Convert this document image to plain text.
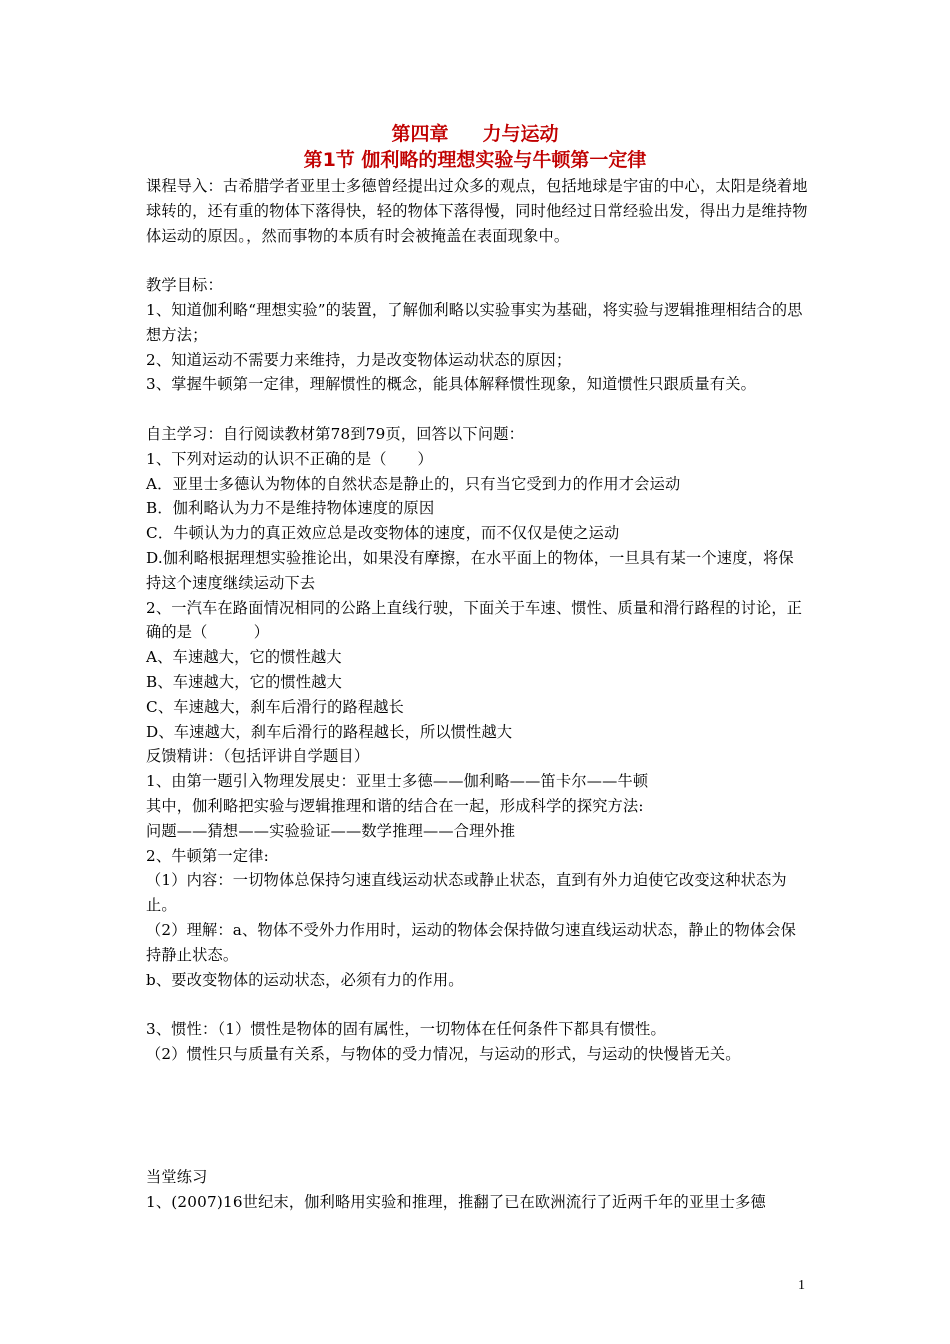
第四章 力与运动
第1节 伽利略的理想实验与牛顿第一定律

课程导入：古希腊学者亚里士多德曾经提出过众多的观点，包括地球是宇宙的中心，太阳是绕着地球转的，还有重的物体下落得快，轻的物体下落得慢，同时他经过日常经验出发，得出力是维持物体运动的原因。，然而事物的本质有时会被掩盖在表面现象中。

教学目标：

1、知道伽利略“理想实验”的装置，了解伽利略以实验事实为基础，将实验与逻辑推理相结合的思想方法；

2、知道运动不需要力来维持，力是改变物体运动状态的原因；

3、掌握牛顿第一定律，理解惯性的概念，能具体解释惯性现象，知道惯性只跟质量有关。

自主学习：自行阅读教材第78到79页，回答以下问题：

1、下列对运动的认识不正确的是（　　）

A．亚里士多德认为物体的自然状态是静止的，只有当它受到力的作用才会运动

B．伽利略认为力不是维持物体速度的原因

C．牛顿认为力的真正效应总是改变物体的速度，而不仅仅是使之运动

D.伽利略根据理想实验推论出，如果没有摩擦，在水平面上的物体，一旦具有某一个速度，将保持这个速度继续运动下去

2、一汽车在路面情况相同的公路上直线行驶，下面关于车速、惯性、质量和滑行路程的讨论，正确的是（　　　）

A、车速越大，它的惯性越大

B、车速越大，它的惯性越大

C、车速越大，刹车后滑行的路程越长

D、车速越大，刹车后滑行的路程越长，所以惯性越大

反馈精讲：（包括评讲自学题目）

1、由第一题引入物理发展史：亚里士多德——伽利略——笛卡尔——牛顿

其中，伽利略把实验与逻辑推理和谐的结合在一起，形成科学的探究方法:

问题——猜想——实验验证——数学推理——合理外推

2、牛顿第一定律:

（1）内容：一切物体总保持匀速直线运动状态或静止状态，直到有外力迫使它改变这种状态为止。

（2）理解：a、物体不受外力作用时，运动的物体会保持做匀速直线运动状态，静止的物体会保持静止状态。

b、要改变物体的运动状态，必须有力的作用。

3、惯性：（1）惯性是物体的固有属性，一切物体在任何条件下都具有惯性。

（2）惯性只与质量有关系，与物体的受力情况，与运动的形式，与运动的快慢皆无关。

当堂练习

1、(2007)16世纪末，伽利略用实验和推理，推翻了已在欧洲流行了近两千年的亚里士多德

1
